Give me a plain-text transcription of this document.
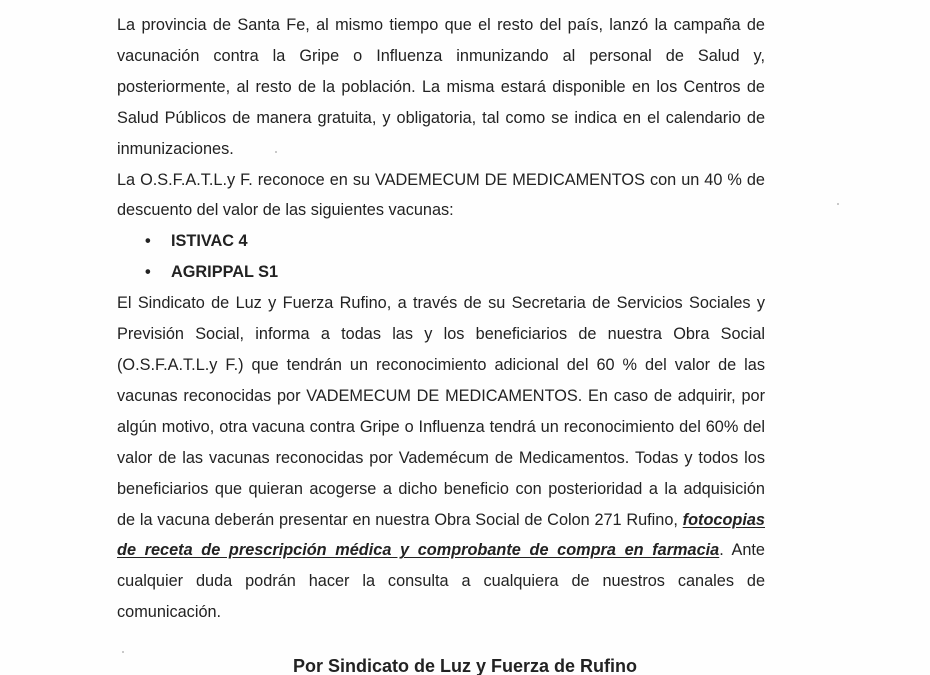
La provincia de Santa Fe, al mismo tiempo que el resto del país, lanzó la campaña de vacunación contra la Gripe o Influenza inmunizando al personal de Salud y, posteriormente, al resto de la población. La misma estará disponible en los Centros de Salud Públicos de manera gratuita, y obligatoria, tal como se indica en el calendario de inmunizaciones.

La O.S.F.A.T.L.y F. reconoce en su VADEMECUM DE MEDICAMENTOS con un 40 % de descuento del valor de las siguientes vacunas:

• ISTIVAC 4
• AGRIPPAL S1

El Sindicato de Luz y Fuerza Rufino, a través de su Secretaria de Servicios Sociales y Previsión Social, informa a todas las y los beneficiarios de nuestra Obra Social (O.S.F.A.T.L.y F.) que tendrán un reconocimiento adicional del 60 % del valor de las vacunas reconocidas por VADEMECUM DE MEDICAMENTOS. En caso de adquirir, por algún motivo, otra vacuna contra Gripe o Influenza tendrá un reconocimiento del 60% del valor de las vacunas reconocidas por Vademécum de Medicamentos. Todas y todos los beneficiarios que quieran acogerse a dicho beneficio con posterioridad a la adquisición de la vacuna deberán presentar en nuestra Obra Social de Colon 271 Rufino, fotocopias de receta de prescripción médica y comprobante de compra en farmacia. Ante cualquier duda podrán hacer la consulta a cualquiera de nuestros canales de comunicación.

Por Sindicato de Luz y Fuerza de Rufino
